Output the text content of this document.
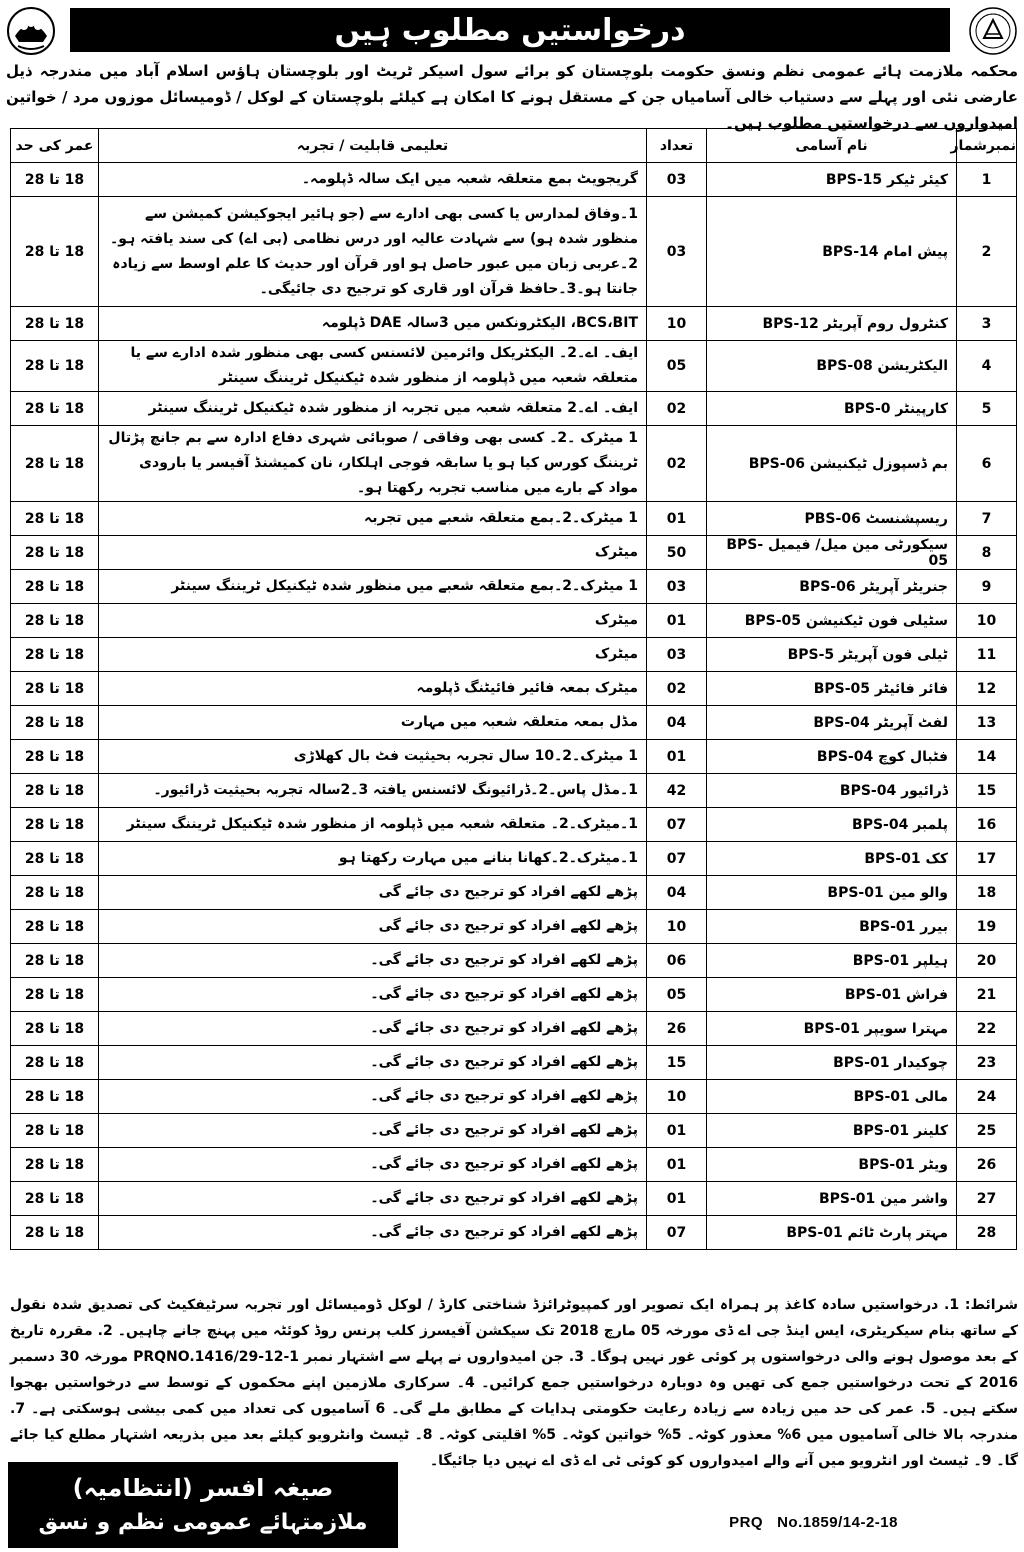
درخواستیں مطلوب ہیں
محکمہ ملازمت ہائے عمومی نظم ونسق حکومت بلوچستان کو برائے سول اسیکر ٹریٹ اور بلوچستان ہاؤس اسلام آباد میں مندرجہ ذیل عارضی نئی اور پہلے سے دستیاب خالی آسامیاں جن کے مستقل ہونے کا امکان ہے کیلئے بلوچستان کے لوکل / ڈومیسائل موزوں مرد / خواتین امیدواروں سے درخواستیں مطلوب ہیں۔
نمبرشمار	نام آسامی	تعداد	تعلیمی قابلیت / تجربہ	عمر کی حد
1	کیئر ٹیکر BPS-15	03	گریجویٹ بمع متعلقہ شعبہ میں ایک سالہ ڈپلومہ۔	18 تا 28
2	پیش امام BPS-14	03	1۔وفاق لمدارس یا کسی بھی ادارے سے (جو ہائیر ایجوکیشن کمیشن سے منظور شدہ ہو) سے شہادت عالیہ اور درس نظامی (بی اے) کی سند یافتہ ہو۔2۔عربی زبان میں عبور حاصل ہو اور قرآن اور حدیث کا علم اوسط سے زیادہ جانتا ہو۔3۔حافظ قرآن اور قاری کو ترجیح دی جائیگی۔	18 تا 28
3	کنٹرول روم آپریٹر BPS-12	10	BCS،BIT، الیکٹرونکس میں 3سالہ DAE ڈپلومہ	18 تا 28
4	الیکٹریشن BPS-08	05	ایف۔ اے۔2۔ الیکٹریکل وائرمین لائسنس کسی بھی منظور شدہ ادارے سے یا متعلقہ شعبہ میں ڈپلومہ از منظور شدہ ٹیکنیکل ٹریننگ سینٹر	18 تا 28
5	کارپینٹر BPS-0	02	ایف۔ اے۔2 متعلقہ شعبہ میں تجربہ از منظور شدہ ٹیکنیکل ٹریننگ سینٹر	18 تا 28
6	بم ڈسپوزل ٹیکنیشن BPS-06	02	1 میٹرک ۔2۔ کسی بھی وفاقی / صوبائی شہری دفاع ادارہ سے بم جانچ پڑتال ٹریننگ کورس کیا ہو یا سابقہ فوجی اہلکار، نان کمیشنڈ آفیسر یا بارودی مواد کے بارے میں مناسب تجربہ رکھتا ہو۔	18 تا 28
7	ریسپشنسٹ PBS-06	01	1 میٹرک۔2۔بمع متعلقہ شعبے میں تجربہ	18 تا 28
8	سیکورٹی مین میل/ فیمیل BPS-05	50	میٹرک	18 تا 28
9	جنریٹر آپریٹر BPS-06	03	1 میٹرک۔2۔بمع متعلقہ شعبے میں منظور شدہ ٹیکنیکل ٹریننگ سینٹر	18 تا 28
10	سٹیلی فون ٹیکنیشن BPS-05	01	میٹرک	18 تا 28
11	ٹیلی فون آپریٹر BPS-5	03	میٹرک	18 تا 28
12	فائر فائیٹر BPS-05	02	میٹرک بمعہ فائیر فائیٹنگ ڈپلومہ	18 تا 28
13	لفٹ آپریٹر BPS-04	04	مڈل بمعہ متعلقہ شعبہ میں مہارت	18 تا 28
14	فٹبال کوچ BPS-04	01	1 میٹرک۔2۔10 سال تجربہ بحیثیت فٹ بال کھلاڑی	18 تا 28
15	ڈرائیور BPS-04	42	1۔مڈل پاس۔2۔ڈرائیونگ لائسنس یافتہ 3۔2سالہ تجربہ بحیثیت ڈرائیور۔	18 تا 28
16	پلمبر BPS-04	07	1۔میٹرک۔2۔ متعلقہ شعبہ میں ڈپلومہ از منظور شدہ ٹیکنیکل ٹریننگ سینٹر	18 تا 28
17	کک BPS-01	07	1۔میٹرک۔2۔کھانا بنانے میں مہارت رکھتا ہو	18 تا 28
18	والو مین BPS-01	04	پڑھے لکھے افراد کو ترجیح دی جائے گی	18 تا 28
19	بیرر BPS-01	10	پڑھے لکھے افراد کو ترجیح دی جائے گی	18 تا 28
20	ہیلپر BPS-01	06	پڑھے لکھے افراد کو ترجیح دی جائے گی۔	18 تا 28
21	فراش BPS-01	05	پڑھے لکھے افراد کو ترجیح دی جائے گی۔	18 تا 28
22	مہترا سویپر BPS-01	26	پڑھے لکھے افراد کو ترجیح دی جائے گی۔	18 تا 28
23	چوکیدار BPS-01	15	پڑھے لکھے افراد کو ترجیح دی جائے گی۔	18 تا 28
24	مالی BPS-01	10	پڑھے لکھے افراد کو ترجیح دی جائے گی۔	18 تا 28
25	کلینر BPS-01	01	پڑھے لکھے افراد کو ترجیح دی جائے گی۔	18 تا 28
26	ویٹر BPS-01	01	پڑھے لکھے افراد کو ترجیح دی جائے گی۔	18 تا 28
27	واشر مین BPS-01	01	پڑھے لکھے افراد کو ترجیح دی جائے گی۔	18 تا 28
28	مہتر پارٹ ٹائم BPS-01	07	پڑھے لکھے افراد کو ترجیح دی جائے گی۔	18 تا 28
شرائط: 1. درخواستیں سادہ کاغذ پر ہمراہ ایک تصویر اور کمپیوٹرائزڈ شناختی کارڈ / لوکل ڈومیسائل اور تجربہ سرٹیفکیٹ کی تصدیق شدہ نقول کے ساتھ بنام سیکریٹری، ایس اینڈ جی اے ڈی مورخہ 05 مارچ 2018 تک سیکشن آفیسرز کلب پرنس روڈ کوئٹہ میں پہنچ جانے چاہیں۔ 2. مقررہ تاریخ کے بعد موصول ہونے والی درخواستوں پر کوئی غور نہیں ہوگا۔ 3. جن امیدواروں نے پہلے سے اشتہار نمبر PRQNO.1416/29-12-1 مورخہ 30 دسمبر 2016 کے تحت درخواستیں جمع کی تھیں وہ دوبارہ درخواستیں جمع کرائیں۔ 4۔ سرکاری ملازمین اپنے محکموں کے توسط سے درخواستیں بھجوا سکتے ہیں۔ 5. عمر کی حد میں زیادہ سے زیادہ رعایت حکومتی ہدایات کے مطابق ملے گی۔ 6 آسامیوں کی تعداد میں کمی بیشی ہوسکتی ہے۔ 7. مندرجہ بالا خالی آسامیوں میں 6% معذور کوٹہ۔ 5% خواتین کوٹہ۔ 5% اقلیتی کوٹہ۔ 8۔ ٹیسٹ وانٹرویو کیلئے بعد میں بذریعہ اشتہار مطلع کیا جائے گا۔ 9۔ ٹیسٹ اور انٹرویو میں آنے والے امیدواروں کو کوئی ٹی اے ڈی اے نہیں دیا جائیگا۔
صیغہ افسر (انتظامیہ)
ملازمتہائے عمومی نظم و نسق	PRQ   No.1859/14-2-18
